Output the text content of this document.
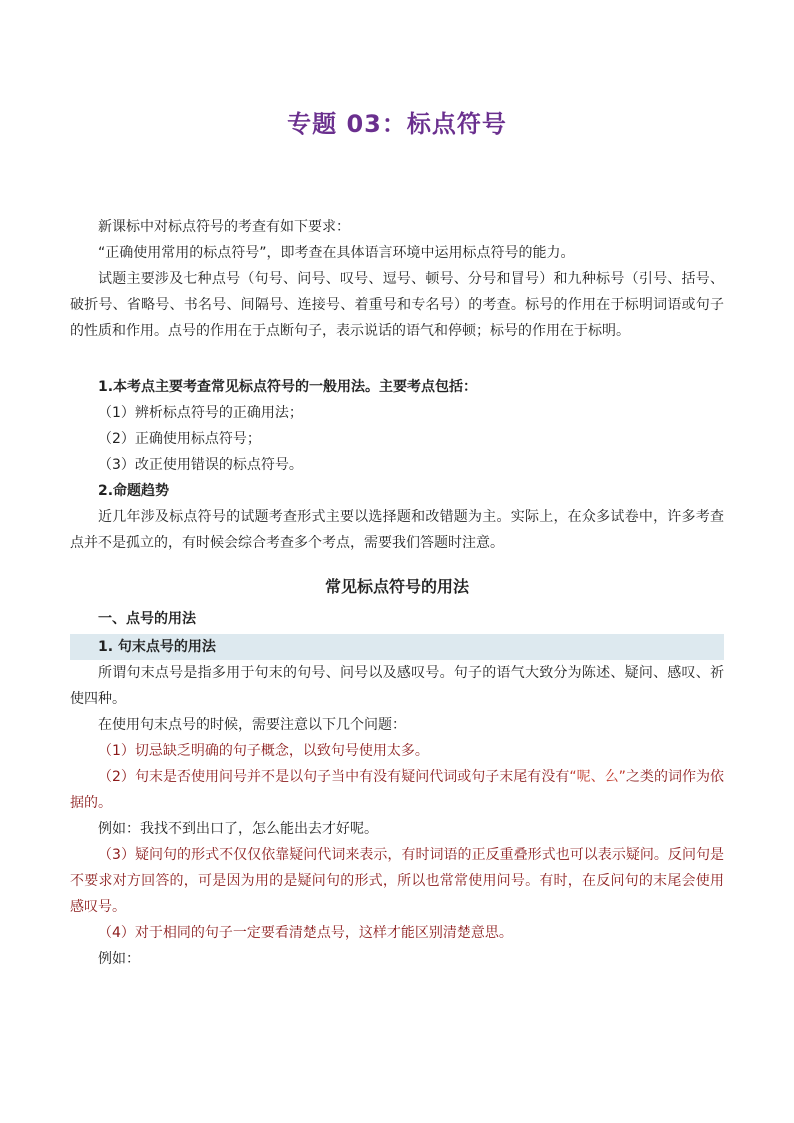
专题 03：标点符号

新课标中对标点符号的考查有如下要求：

“正确使用常用的标点符号”，即考查在具体语言环境中运用标点符号的能力。

试题主要涉及七种点号（句号、问号、叹号、逗号、顿号、分号和冒号）和九种标号（引号、括号、破折号、省略号、书名号、间隔号、连接号、着重号和专名号）的考查。标号的作用在于标明词语或句子的性质和作用。点号的作用在于点断句子，表示说话的语气和停顿；标号的作用在于标明。

1.本考点主要考查常见标点符号的一般用法。主要考点包括：

（1）辨析标点符号的正确用法；

（2）正确使用标点符号；

（3）改正使用错误的标点符号。

2.命题趋势

近几年涉及标点符号的试题考查形式主要以选择题和改错题为主。实际上，在众多试卷中，许多考查点并不是孤立的，有时候会综合考查多个考点，需要我们答题时注意。

常见标点符号的用法

一、点号的用法

1. 句末点号的用法

所谓句末点号是指多用于句末的句号、问号以及感叹号。句子的语气大致分为陈述、疑问、感叹、祈使四种。

在使用句末点号的时候，需要注意以下几个问题：

（1）切忌缺乏明确的句子概念，以致句号使用太多。

（2）句末是否使用问号并不是以句子当中有没有疑问代词或句子末尾有没有“呢、么”之类的词作为依据的。

例如：我找不到出口了，怎么能出去才好呢。

（3）疑问句的形式不仅仅依靠疑问代词来表示，有时词语的正反重叠形式也可以表示疑问。反问句是不要求对方回答的，可是因为用的是疑问句的形式，所以也常常使用问号。有时，在反问句的末尾会使用感叹号。

（4）对于相同的句子一定要看清楚点号，这样才能区别清楚意思。

例如：
